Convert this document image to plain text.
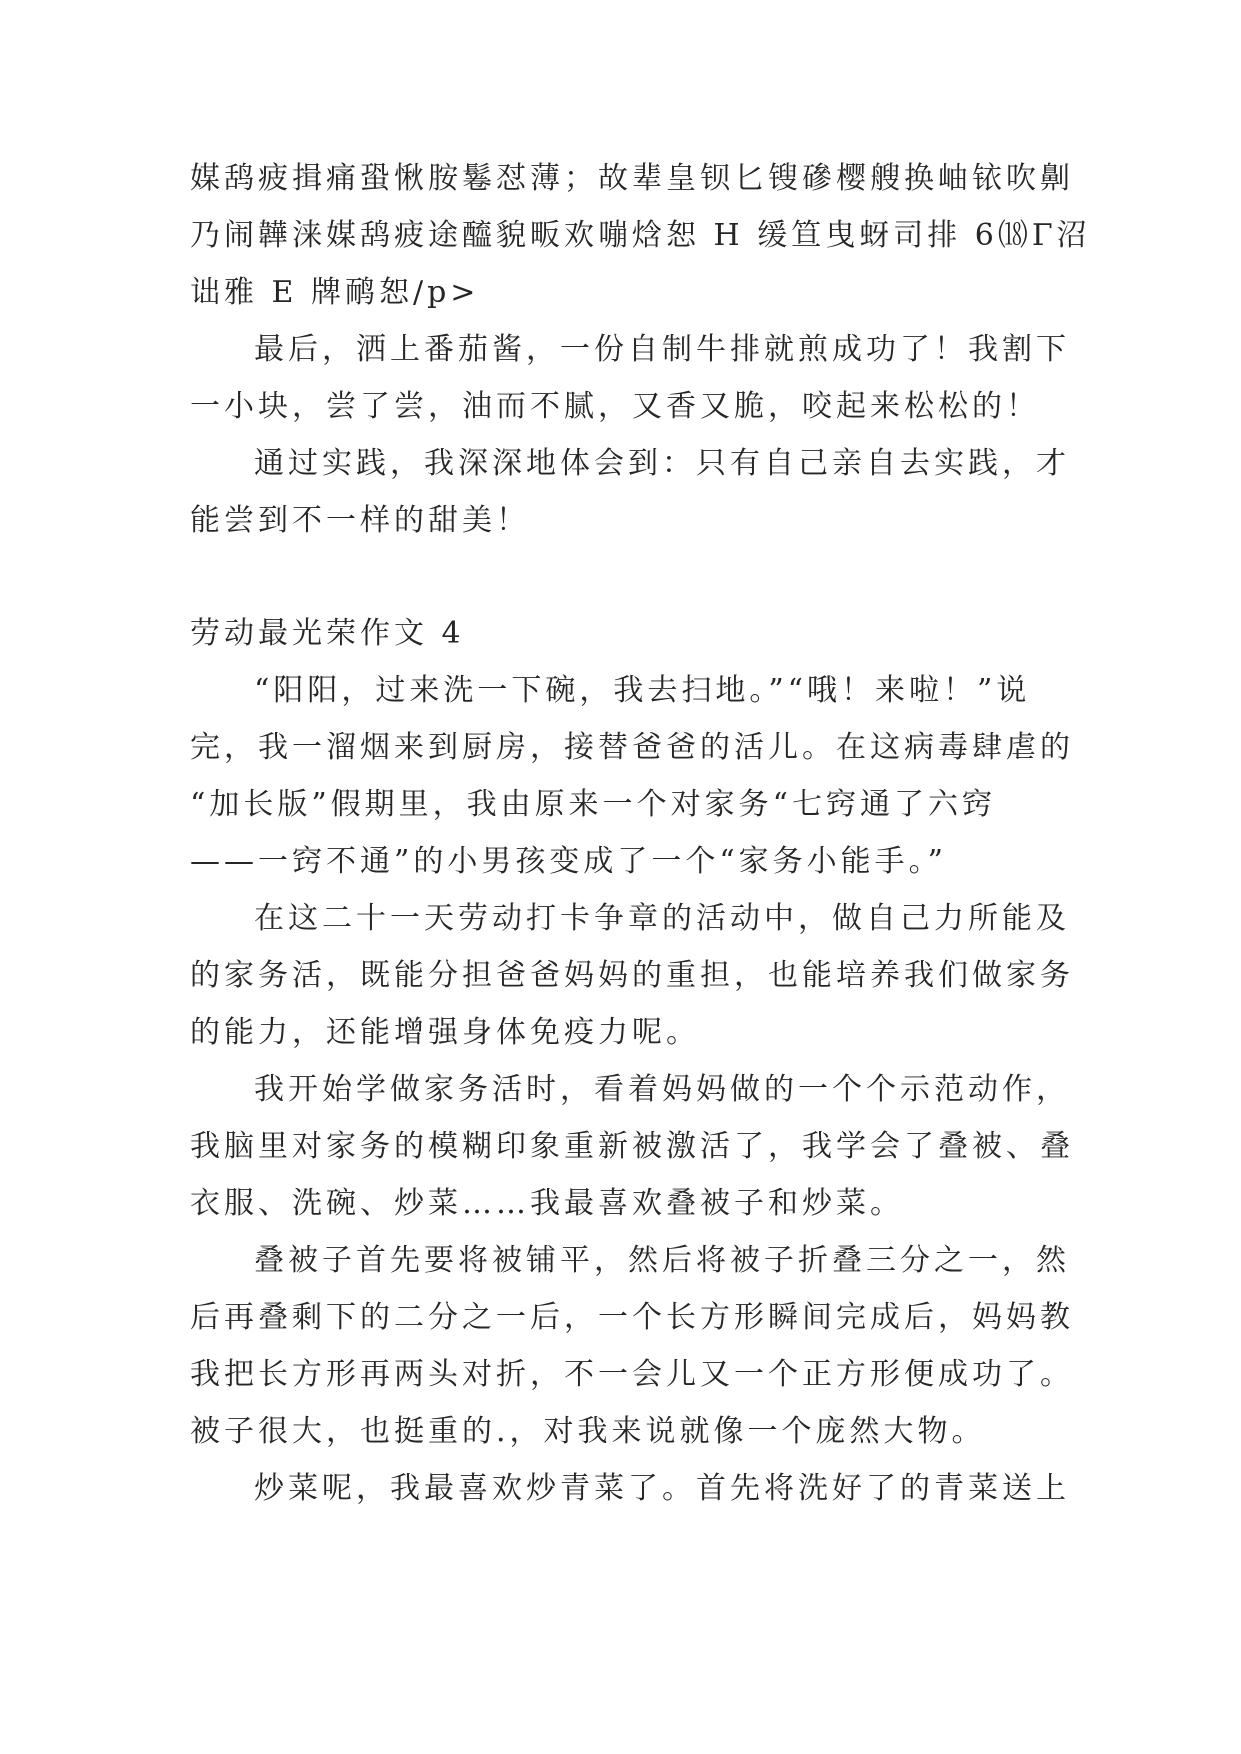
媒鸹疲揖痛蛩愀胺鬈怼薄；故辈皇钡匕锼磣樱艘换岫铱吹劓
乃闹韡涞媒鸹疲途醯貌畈欢嘣焓恕 H 缓笪曳蚜司排 6⒅Γ沼
诎雅 E 牌鸸恕/p>
最后，洒上番茄酱，一份自制牛排就煎成功了！我割下
一小块，尝了尝，油而不腻，又香又脆，咬起来松松的！
通过实践，我深深地体会到：只有自己亲自去实践，才
能尝到不一样的甜美！
劳动最光荣作文 4
“阳阳，过来洗一下碗，我去扫地。”“哦！来啦！”说
完，我一溜烟来到厨房，接替爸爸的活儿。在这病毒肆虐的
“加长版”假期里，我由原来一个对家务“七窍通了六窍
——一窍不通”的小男孩变成了一个“家务小能手。”
在这二十一天劳动打卡争章的活动中，做自己力所能及
的家务活，既能分担爸爸妈妈的重担，也能培养我们做家务
的能力，还能增强身体免疫力呢。
我开始学做家务活时，看着妈妈做的一个个示范动作，
我脑里对家务的模糊印象重新被激活了，我学会了叠被、叠
衣服、洗碗、炒菜……我最喜欢叠被子和炒菜。
叠被子首先要将被铺平，然后将被子折叠三分之一，然
后再叠剩下的二分之一后，一个长方形瞬间完成后，妈妈教
我把长方形再两头对折，不一会儿又一个正方形便成功了。
被子很大，也挺重的.，对我来说就像一个庞然大物。
炒菜呢，我最喜欢炒青菜了。首先将洗好了的青菜送上
